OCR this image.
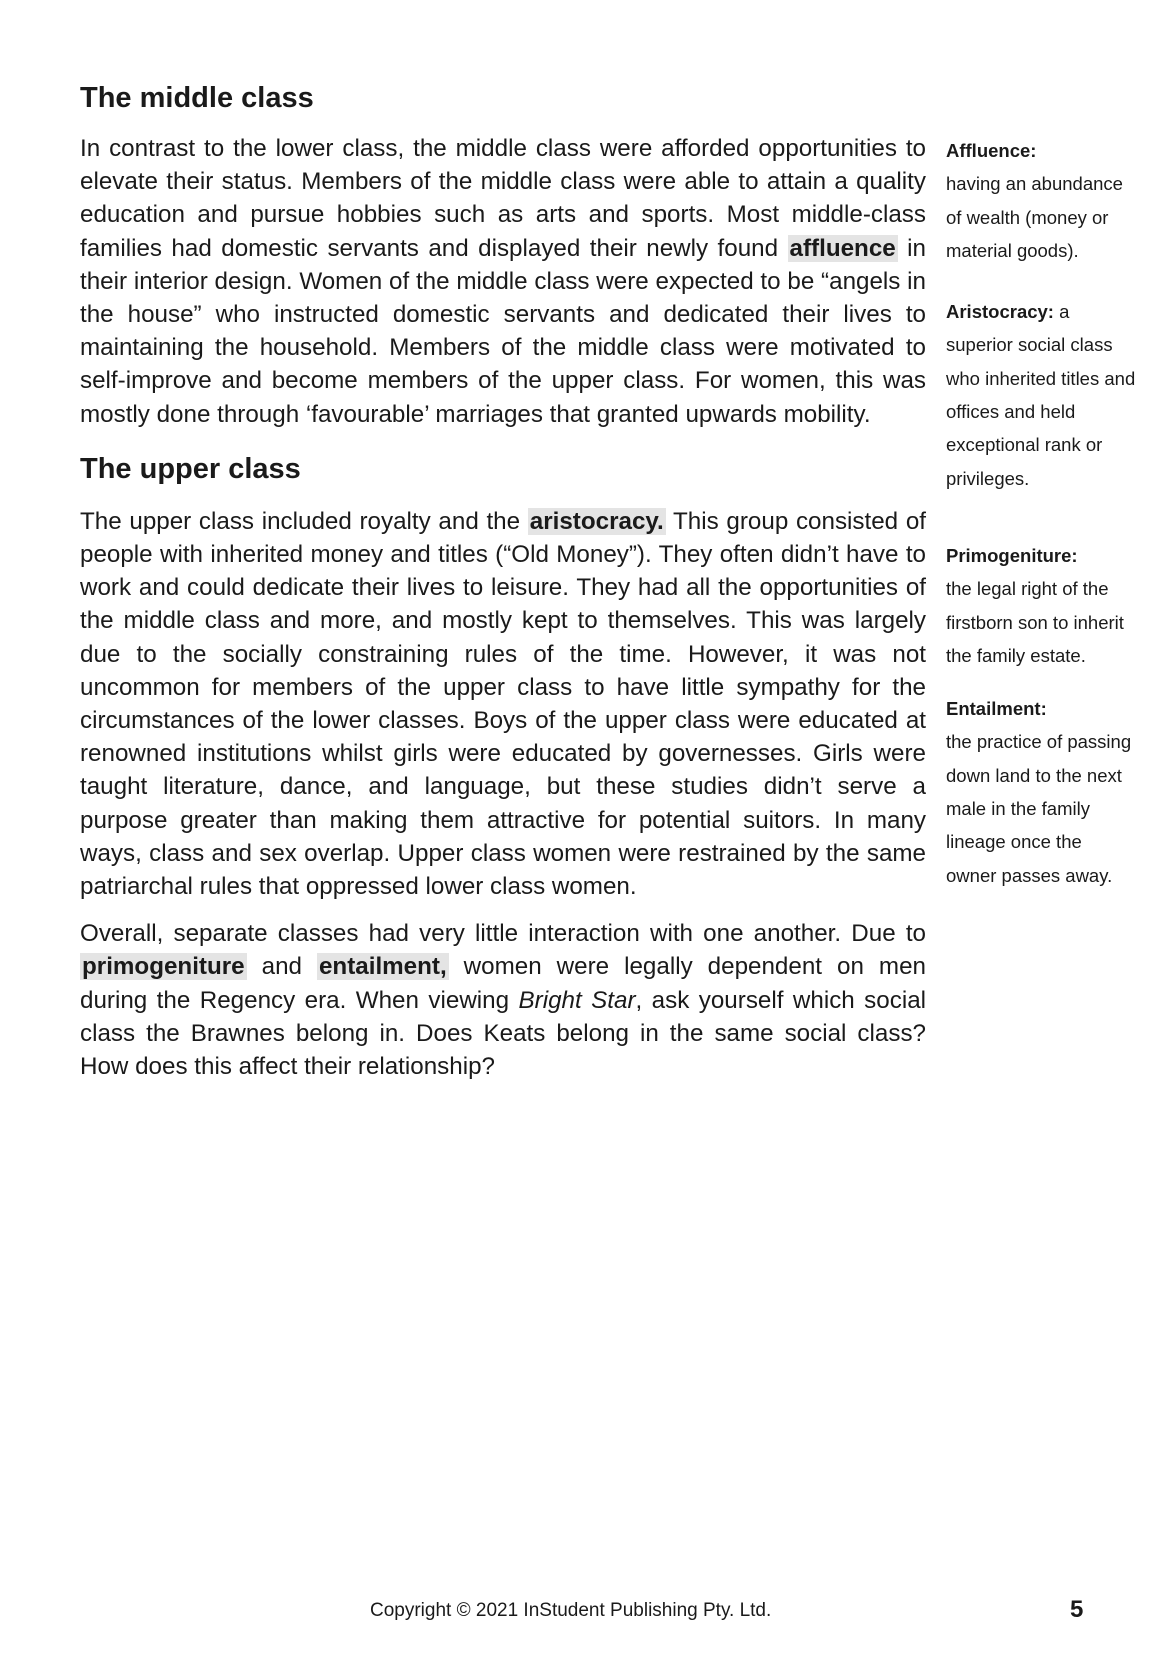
The middle class

In contrast to the lower class, the middle class were afforded opportunities to elevate their status. Members of the middle class were able to attain a quality education and pursue hobbies such as arts and sports. Most middle-class families had domestic servants and displayed their newly found affluence in their interior design. Women of the middle class were expected to be “angels in the house” who instructed domestic servants and dedicated their lives to maintaining the household. Members of the middle class were motivated to self-improve and become members of the upper class. For women, this was mostly done through ‘favourable’ marriages that granted upwards mobility.

The upper class

The upper class included royalty and the aristocracy. This group consisted of people with inherited money and titles (“Old Money”). They often didn’t have to work and could dedicate their lives to leisure. They had all the opportunities of the middle class and more, and mostly kept to themselves. This was largely due to the socially constraining rules of the time. However, it was not uncommon for members of the upper class to have little sympathy for the circumstances of the lower classes. Boys of the upper class were educated at renowned institutions whilst girls were educated by governesses. Girls were taught literature, dance, and language, but these studies didn’t serve a purpose greater than making them attractive for potential suitors. In many ways, class and sex overlap. Upper class women were restrained by the same patriarchal rules that oppressed lower class women.

Overall, separate classes had very little interaction with one another. Due to primogeniture and entailment, women were legally dependent on men during the Regency era. When viewing Bright Star, ask yourself which social class the Brawnes belong in. Does Keats belong in the same social class? How does this affect their relationship?

Affluence:
having an abundance of wealth (money or material goods).
Aristocracy: a superior social class who inherited titles and offices and held exceptional rank or privileges.
Primogeniture:
the legal right of the firstborn son to inherit the family estate.
Entailment:
the practice of passing down land to the next male in the family lineage once the owner passes away.
Copyright © 2021 InStudent Publishing Pty. Ltd.	5
